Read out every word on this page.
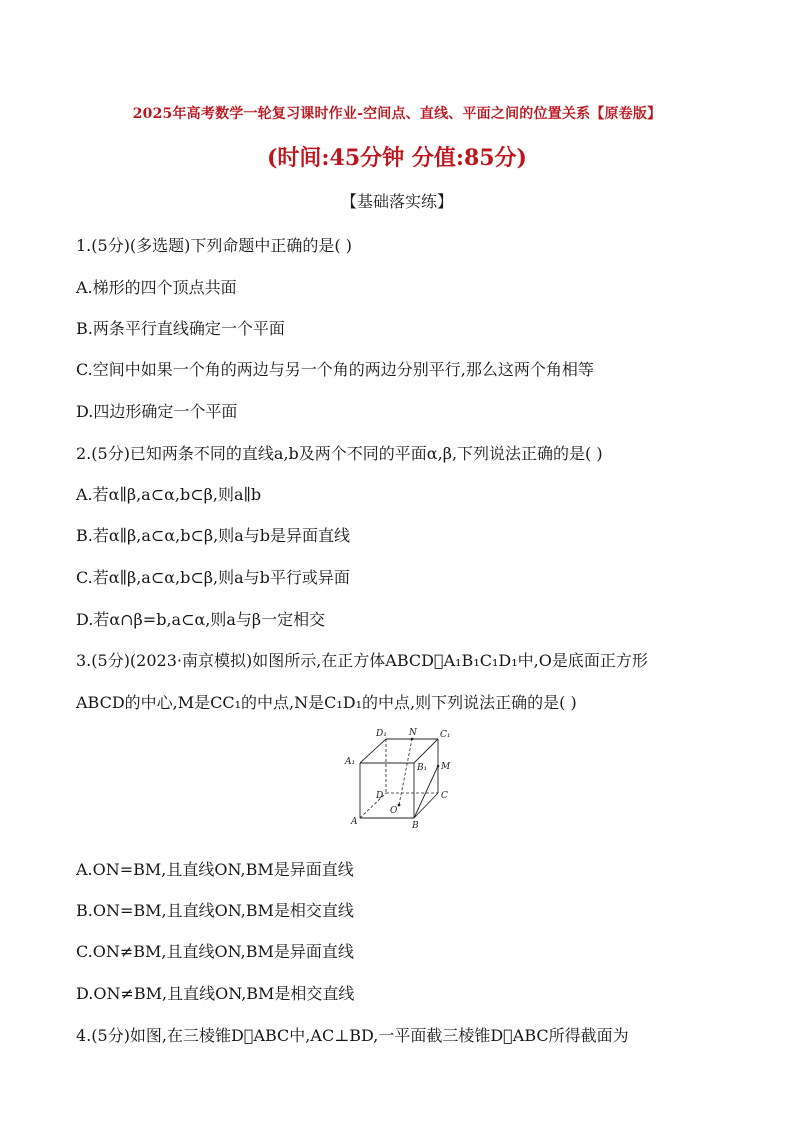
2025年高考数学一轮复习课时作业-空间点、直线、平面之间的位置关系【原卷版】
(时间:45分钟 分值:85分)
【基础落实练】
1.(5分)(多选题)下列命题中正确的是( )
A.梯形的四个顶点共面
B.两条平行直线确定一个平面
C.空间中如果一个角的两边与另一个角的两边分别平行,那么这两个角相等
D.四边形确定一个平面
2.(5分)已知两条不同的直线a,b及两个不同的平面α,β,下列说法正确的是( )
A.若α∥β,a⊂α,b⊂β,则a∥b
B.若α∥β,a⊂α,b⊂β,则a与b是异面直线
C.若α∥β,a⊂α,b⊂β,则a与b平行或异面
D.若α∩β=b,a⊂α,则a与β一定相交
3.(5分)(2023·南京模拟)如图所示,在正方体ABCD󰃀A₁B₁C₁D₁中,O是底面正方形
ABCD的中心,M是CC₁的中点,N是C₁D₁的中点,则下列说法正确的是( )
D₁ N	C₁
A₁
B₁ M
D	C
O
A	B
A.ON=BM,且直线ON,BM是异面直线
B.ON=BM,且直线ON,BM是相交直线
C.ON≠BM,且直线ON,BM是异面直线
D.ON≠BM,且直线ON,BM是相交直线
4.(5分)如图,在三棱锥D󰃀ABC中,AC⊥BD,一平面截三棱锥D󰃀ABC所得截面为
